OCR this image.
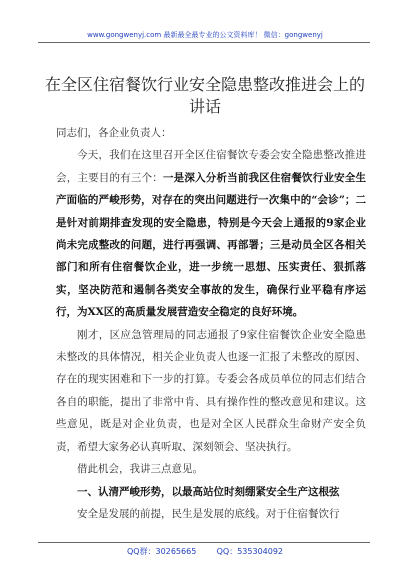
www.gongwenyj.com 最新最全最专业的公文资料库！ 微信：gongwenyj
在全区住宿餐饮行业安全隐患整改推进会上的讲话

同志们，各企业负责人：

今天，我们在这里召开全区住宿餐饮专委会安全隐患整改推进会，主要目的有三个：一是深入分析当前我区住宿餐饮行业安全生产面临的严峻形势，对存在的突出问题进行一次集中的“会诊”；二是针对前期排查发现的安全隐患，特别是今天会上通报的9家企业尚未完成整改的问题，进行再强调、再部署；三是动员全区各相关部门和所有住宿餐饮企业，进一步统一思想、压实责任、狠抓落实，坚决防范和遏制各类安全事故的发生，确保行业平稳有序运行，为XX区的高质量发展营造安全稳定的良好环境。

刚才，区应急管理局的同志通报了9家住宿餐饮企业安全隐患未整改的具体情况，相关企业负责人也逐一汇报了未整改的原因、存在的现实困难和下一步的打算。专委会各成员单位的同志们结合各自的职能，提出了非常中肯、具有操作性的整改意见和建议。这些意见，既是对企业负责，也是对全区人民群众生命财产安全负责，希望大家务必认真听取、深刻领会、坚决执行。

借此机会，我讲三点意见。

一、认清严峻形势，以最高站位时刻绷紧安全生产这根弦

安全是发展的前提，民生是发展的底线。对于住宿餐饮行

QQ群：30265665        QQ：535304092
